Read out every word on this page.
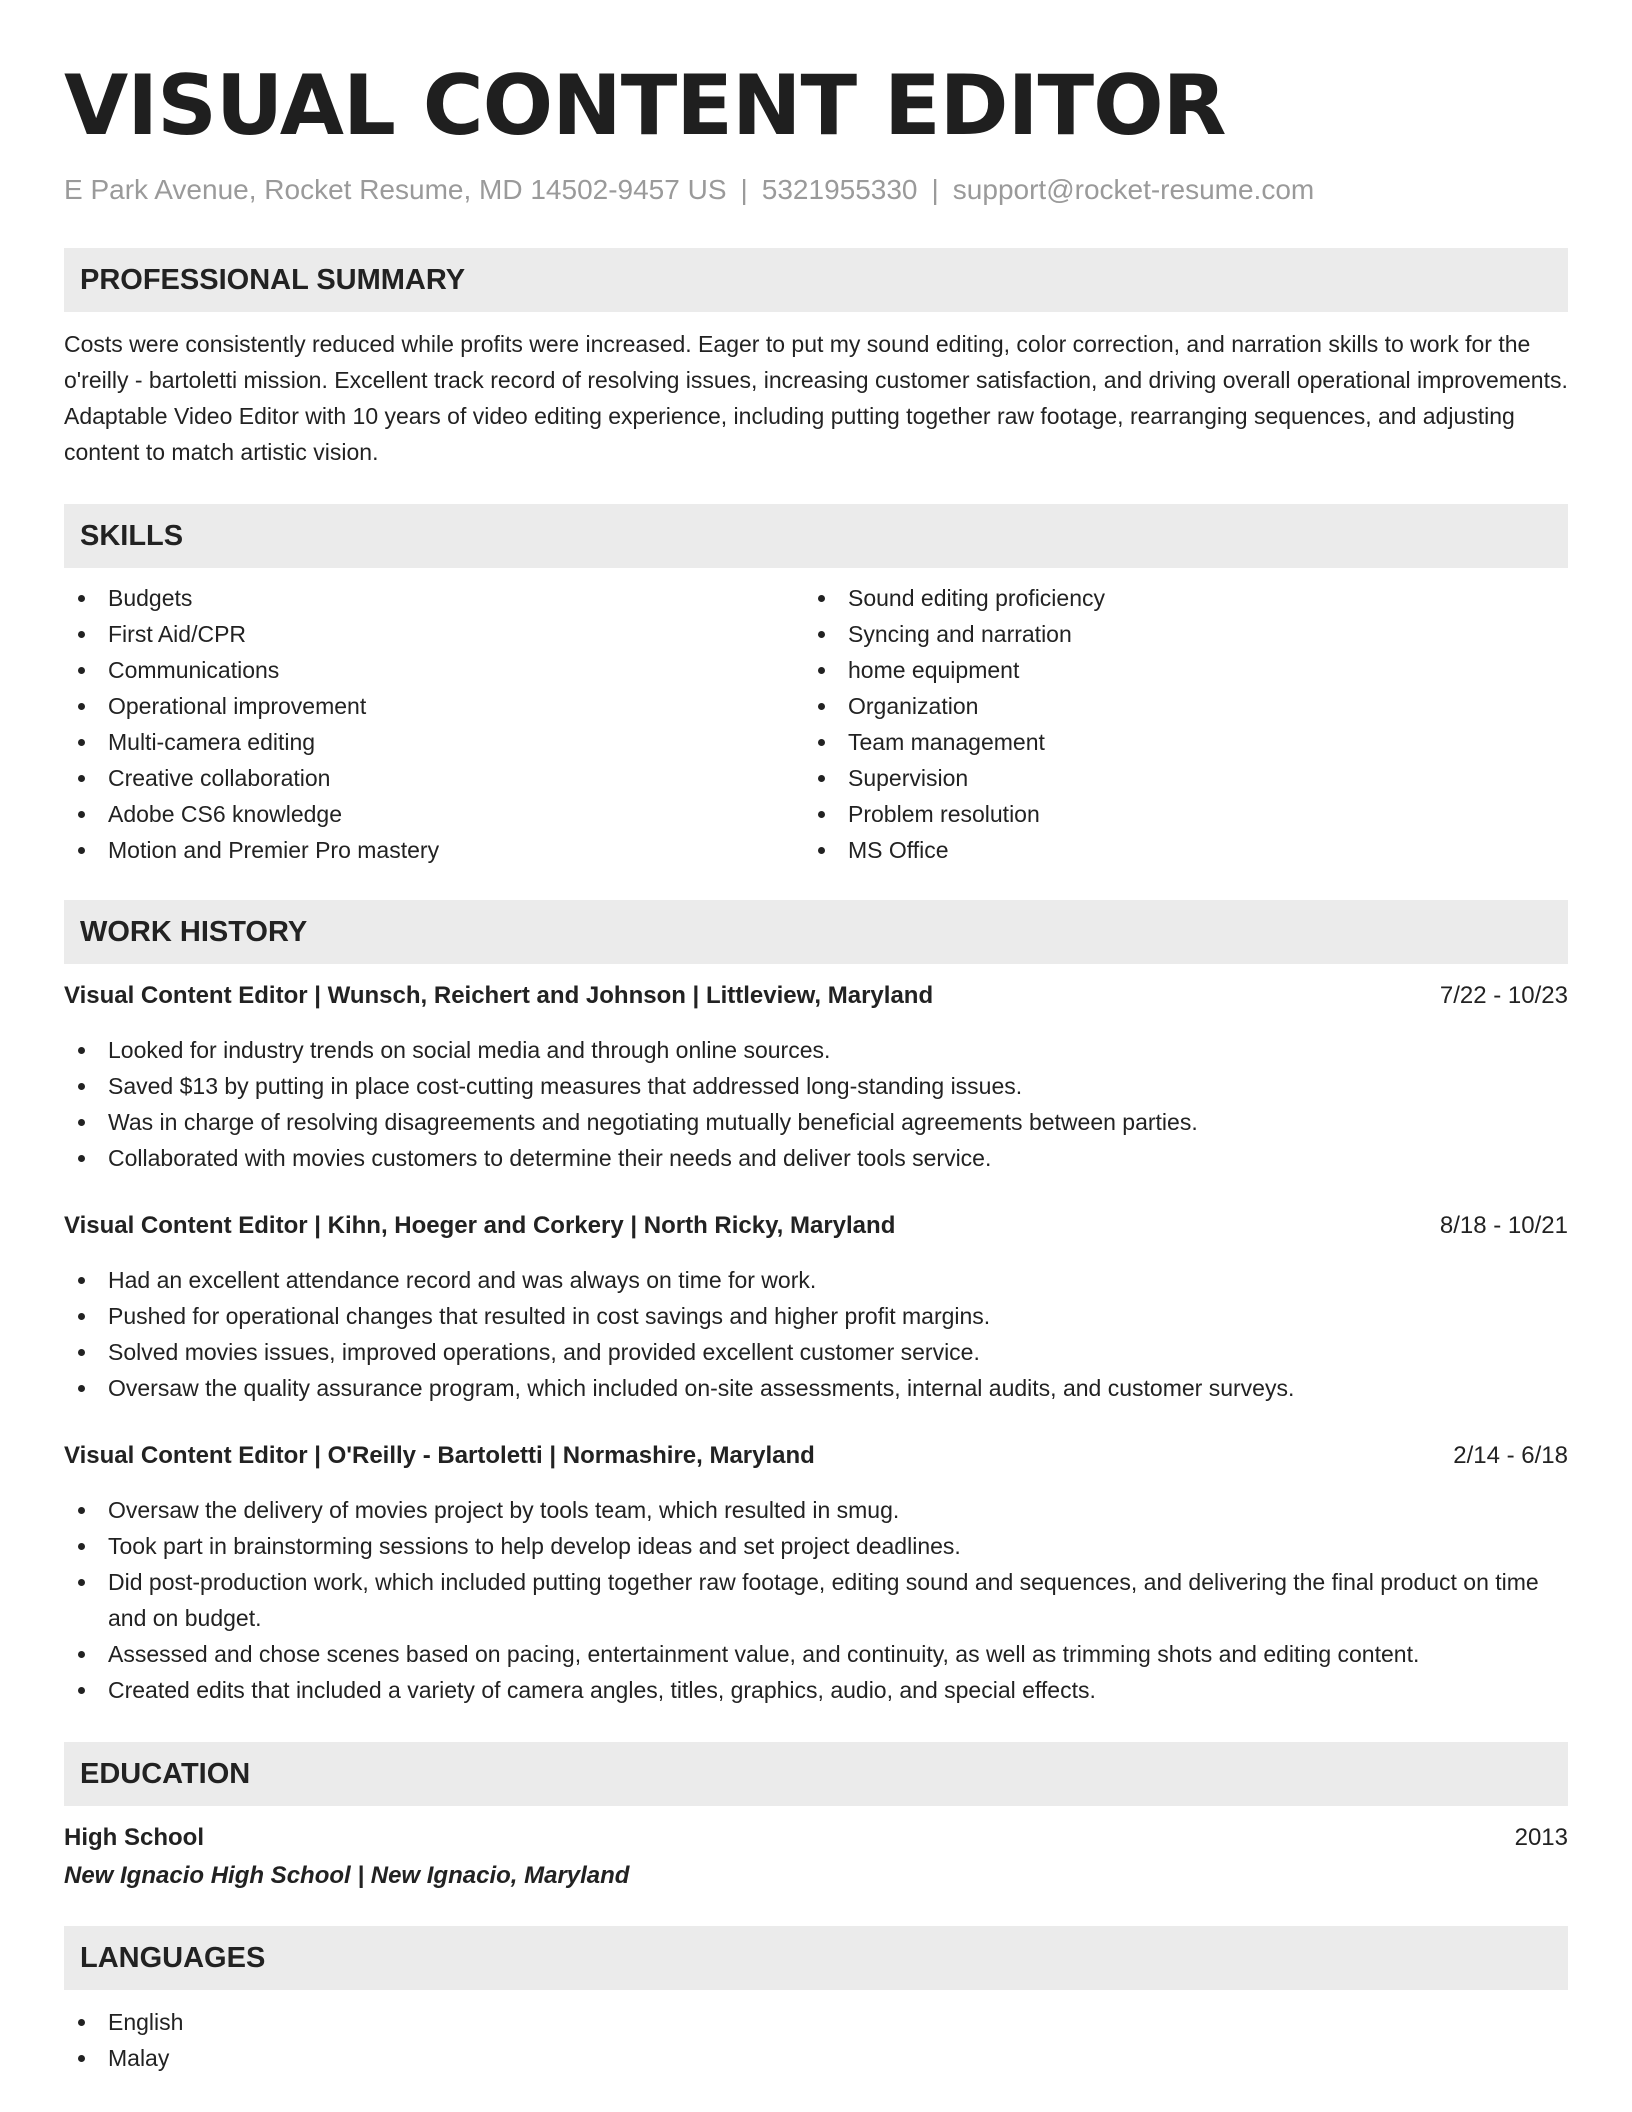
VISUAL CONTENT EDITOR
E Park Avenue, Rocket Resume, MD 14502-9457 US | 5321955330 | support@rocket-resume.com
PROFESSIONAL SUMMARY

Costs were consistently reduced while profits were increased. Eager to put my sound editing, color correction, and narration skills to work for the o'reilly - bartoletti mission. Excellent track record of resolving issues, increasing customer satisfaction, and driving overall operational improvements. Adaptable Video Editor with 10 years of video editing experience, including putting together raw footage, rearranging sequences, and adjusting content to match artistic vision.

SKILLS
Budgets
First Aid/CPR
Communications
Operational improvement
Multi-camera editing
Creative collaboration
Adobe CS6 knowledge
Motion and Premier Pro mastery
Sound editing proficiency
Syncing and narration
home equipment
Organization
Team management
Supervision
Problem resolution
MS Office
WORK HISTORY
Visual Content Editor | Wunsch, Reichert and Johnson | Littleview, Maryland	7/22 - 10/23
Looked for industry trends on social media and through online sources.
Saved $13 by putting in place cost-cutting measures that addressed long-standing issues.
Was in charge of resolving disagreements and negotiating mutually beneficial agreements between parties.
Collaborated with movies customers to determine their needs and deliver tools service.
Visual Content Editor | Kihn, Hoeger and Corkery | North Ricky, Maryland	8/18 - 10/21
Had an excellent attendance record and was always on time for work.
Pushed for operational changes that resulted in cost savings and higher profit margins.
Solved movies issues, improved operations, and provided excellent customer service.
Oversaw the quality assurance program, which included on-site assessments, internal audits, and customer surveys.
Visual Content Editor | O'Reilly - Bartoletti | Normashire, Maryland	2/14 - 6/18
Oversaw the delivery of movies project by tools team, which resulted in smug.
Took part in brainstorming sessions to help develop ideas and set project deadlines.
Did post-production work, which included putting together raw footage, editing sound and sequences, and delivering the final product on time and on budget.
Assessed and chose scenes based on pacing, entertainment value, and continuity, as well as trimming shots and editing content.
Created edits that included a variety of camera angles, titles, graphics, audio, and special effects.
EDUCATION
High School	2013
New Ignacio High School | New Ignacio, Maryland
LANGUAGES
English
Malay
